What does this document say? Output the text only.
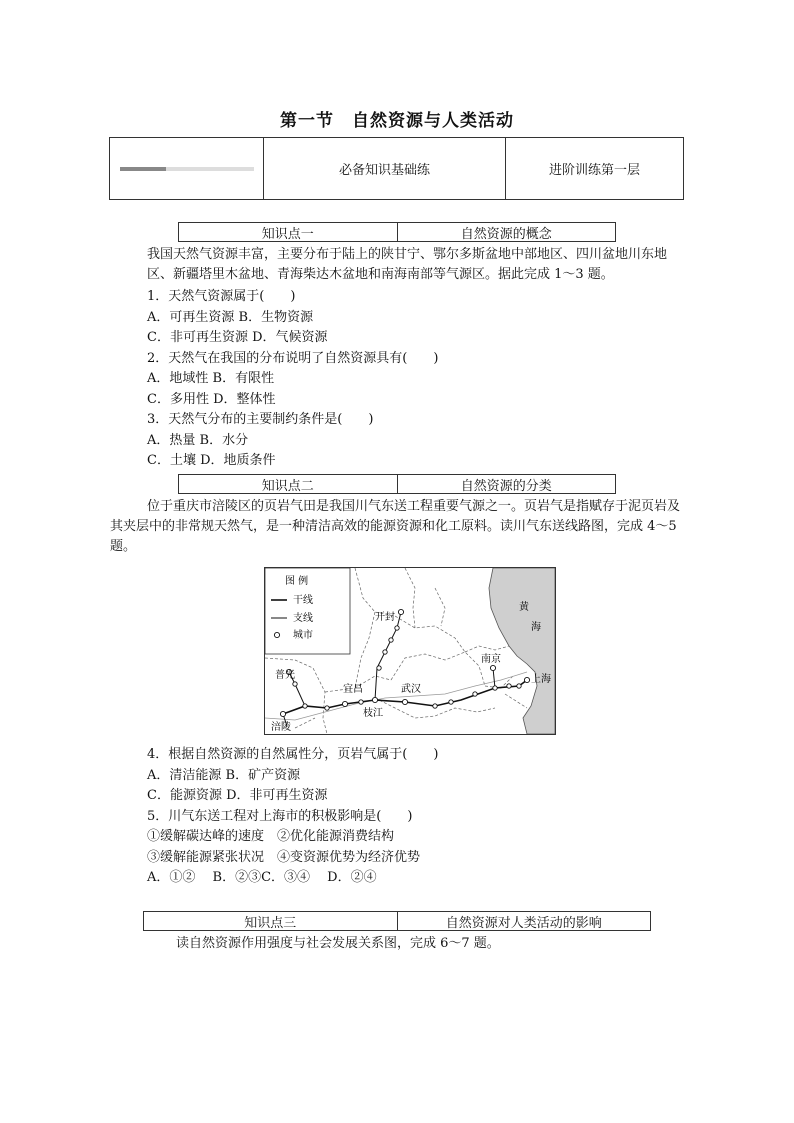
第一节　自然资源与人类活动
必备知识基础练	进阶训练第一层
知识点一	自然资源的概念
我国天然气资源丰富，主要分布于陆上的陕甘宁、鄂尔多斯盆地中部地区、四川盆地川东地区、新疆塔里木盆地、青海柴达木盆地和南海南部等气源区。据此完成 1～3 题。
1．天然气资源属于(　　)
A．可再生资源 B．生物资源
C．非可再生资源 D．气候资源
2．天然气在我国的分布说明了自然资源具有(　　)
A．地域性 B．有限性
C．多用性 D．整体性
3．天然气分布的主要制约条件是(　　)
A．热量 B．水分
C．土壤 D．地质条件
知识点二	自然资源的分类
位于重庆市涪陵区的页岩气田是我国川气东送工程重要气源之一。页岩气是指赋存于泥页岩及其夹层中的非常规天然气，是一种清洁高效的能源资源和化工原料。读川气东送线路图，完成 4～5 题。
图 例
干线
支线
城市
黄
海
开封
南京
上海
普光
宜昌	武汉
枝江
涪陵
4．根据自然资源的自然属性分，页岩气属于(　　)
A．清洁能源 B．矿产资源
C．能源资源 D．非可再生资源
5．川气东送工程对上海市的积极影响是(　　)
①缓解碳达峰的速度　②优化能源消费结构
③缓解能源紧张状况　④变资源优势为经济优势
A．①②　 B．②③C．③④　 D．②④
知识点三	自然资源对人类活动的影响
读自然资源作用强度与社会发展关系图，完成 6～7 题。
